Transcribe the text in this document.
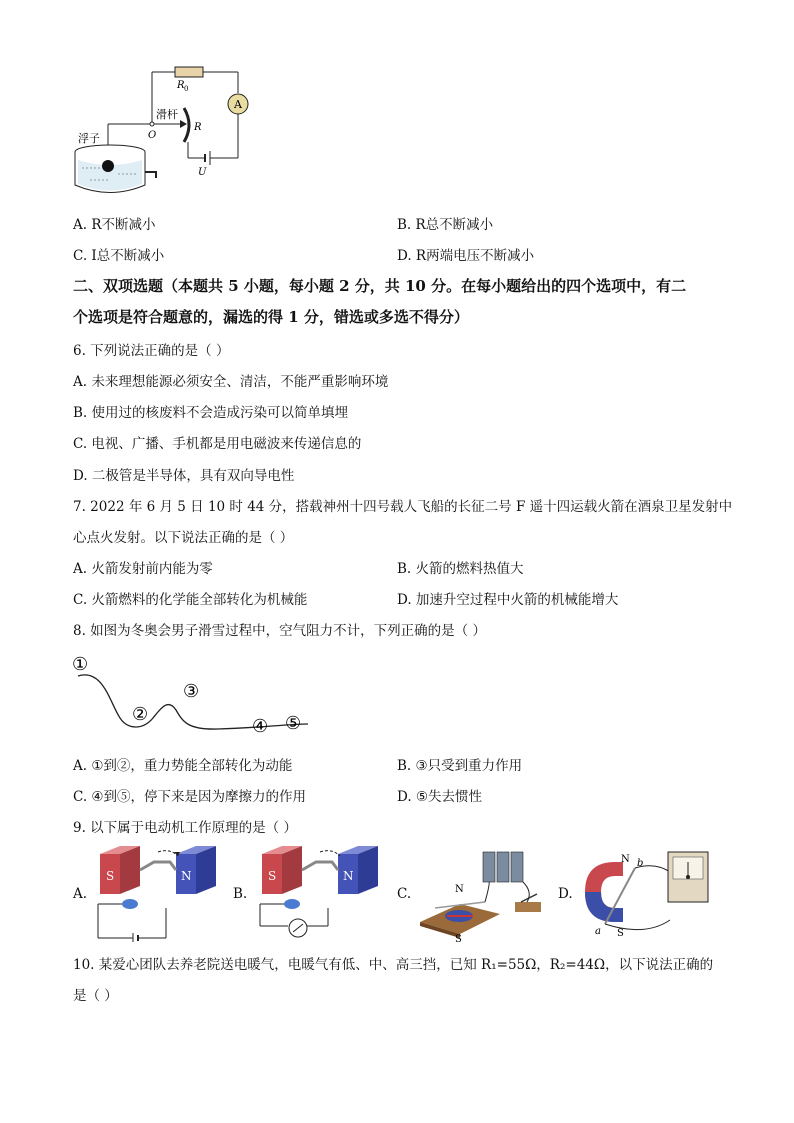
A
R 0
滑杆
O
R
浮子
U
A. R不断减小	B. R总不断减小
C. I总不断减小	D. R两端电压不断减小
二、双项选题（本题共 5 小题，每小题 2 分，共 10 分。在每小题给出的四个选项中，有二
个选项是符合题意的，漏选的得 1 分，错选或多选不得分）
6. 下列说法正确的是（ ）
A. 未来理想能源必须安全、清洁，不能严重影响环境
B. 使用过的核废料不会造成污染可以简单填埋
C. 电视、广播、手机都是用电磁波来传递信息的
D. 二极管是半导体，具有双向导电性
7. 2022 年 6 月 5 日 10 时 44 分，搭载神州十四号载人飞船的长征二号 F 遥十四运载火箭在酒泉卫星发射中
心点火发射。以下说法正确的是（ ）
A. 火箭发射前内能为零	B. 火箭的燃料热值大
C. 火箭燃料的化学能全部转化为机械能	D. 加速升空过程中火箭的机械能增大
8. 如图为冬奥会男子滑雪过程中，空气阻力不计，下列正确的是（ ）
①
②
③
④ ⑤
A. ①到②，重力势能全部转化为动能	B. ③只受到重力作用
C. ④到⑤，停下来是因为摩擦力的作用	D. ⑤失去惯性
9. 以下属于电动机工作原理的是（ ）
A.
S	N
B.
S	N
C.	N
S
D.
N
S
b
a
10. 某爱心团队去养老院送电暖气，电暖气有低、中、高三挡，已知 R₁=55Ω，R₂=44Ω，以下说法正确的
是（ ）
